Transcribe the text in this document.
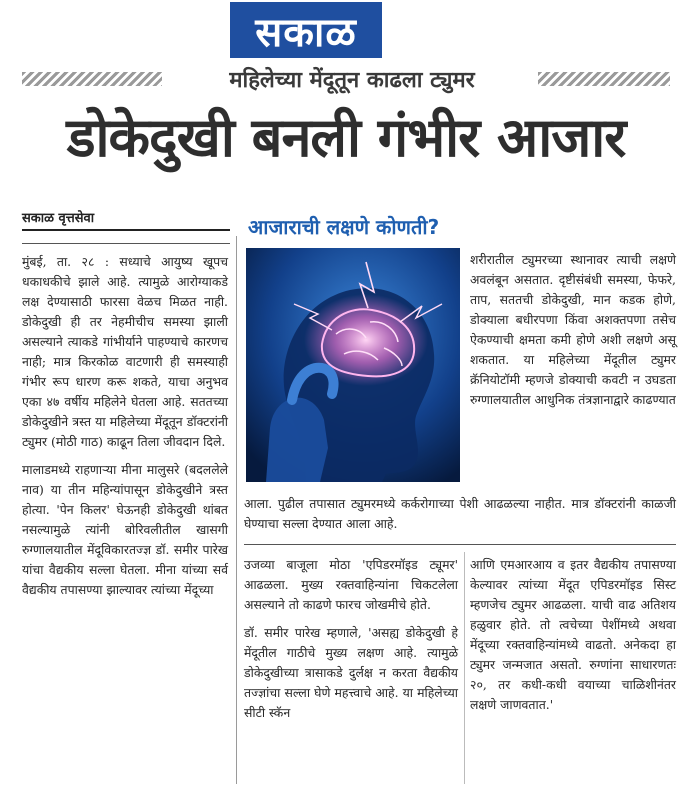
सकाळ
महिलेच्या मेंदूतून काढला ट्युमर
डोकेदुखी बनली गंभीर आजार
सकाळ वृत्तसेवा

मुंबई, ता. २८ : सध्याचे आयुष्य खूपच धकाधकीचे झाले आहे. त्यामुळे आरोग्याकडे लक्ष देण्यासाठी फारसा वेळच मिळत नाही. डोकेदुखी ही तर नेहमीचीच समस्या झाली असल्याने त्याकडे गांभीर्याने पाहण्याचे कारणच नाही; मात्र किरकोळ वाटणारी ही समस्याही गंभीर रूप धारण करू शकते, याचा अनुभव एका ४७ वर्षीय महिलेने घेतला आहे. सततच्या डोकेदुखीने त्रस्त या महिलेच्या मेंदूतून डॉक्टरांनी ट्युमर (मोठी गाठ) काढून तिला जीवदान दिले.

मालाडमध्ये राहणाऱ्या मीना मालुसरे (बदललेले नाव) या तीन महिन्यांपासून डोकेदुखीने त्रस्त होत्या. 'पेन किलर' घेऊनही डोकेदुखी थांबत नसल्यामुळे त्यांनी बोरिवलीतील खासगी रुग्णालयातील मेंदूविकारतज्ज्ञ डॉ. समीर पारेख यांचा वैद्यकीय सल्ला घेतला. मीना यांच्या सर्व वैद्यकीय तपासण्या झाल्यावर त्यांच्या मेंदूच्या

आजाराची लक्षणे कोणती?
शरीरातील ट्युमरच्या स्थानावर त्याची लक्षणे अवलंबून असतात. दृष्टीसंबंधी समस्या, फेफरे, ताप, सततची डोकेदुखी, मान कडक होणे, डोक्याला बधीरपणा किंवा अशक्तपणा तसेच ऐकण्याची क्षमता कमी होणे अशी लक्षणे असू शकतात. या महिलेच्या मेंदूतील ट्युमर क्रॅनियोटॉमी म्हणजे डोक्याची कवटी न उघडता रुग्णालयातील आधुनिक तंत्रज्ञानाद्वारे काढण्यात
आला. पुढील तपासात ट्युमरमध्ये कर्करोगाच्या पेशी आढळल्या नाहीत. मात्र डॉक्टरांनी काळजी घेण्याचा सल्ला देण्यात आला आहे.

उजव्या बाजूला मोठा 'एपिडरमॉइड ट्यूमर' आढळला. मुख्य रक्तवाहिन्यांना चिकटलेला असल्याने तो काढणे फारच जोखमीचे होते.

डॉ. समीर पारेख म्हणाले, 'असह्य डोकेदुखी हे मेंदूतील गाठीचे मुख्य लक्षण आहे. त्यामुळे डोकेदुखीच्या त्रासाकडे दुर्लक्ष न करता वैद्यकीय तज्ज्ञांचा सल्ला घेणे महत्त्वाचे आहे. या महिलेच्या सीटी स्कॅन

आणि एमआरआय व इतर वैद्यकीय तपासण्या केल्यावर त्यांच्या मेंदूत एपिडरमॉइड सिस्ट म्हणजेच ट्युमर आढळला. याची वाढ अतिशय हळुवार होते. तो त्वचेच्या पेशींमध्ये अथवा मेंदूच्या रक्तवाहिन्यांमध्ये वाढतो. अनेकदा हा ट्युमर जन्मजात असतो. रुग्णांना साधारणतः २०, तर कधी-कधी वयाच्या चाळिशीनंतर लक्षणे जाणवतात.'
